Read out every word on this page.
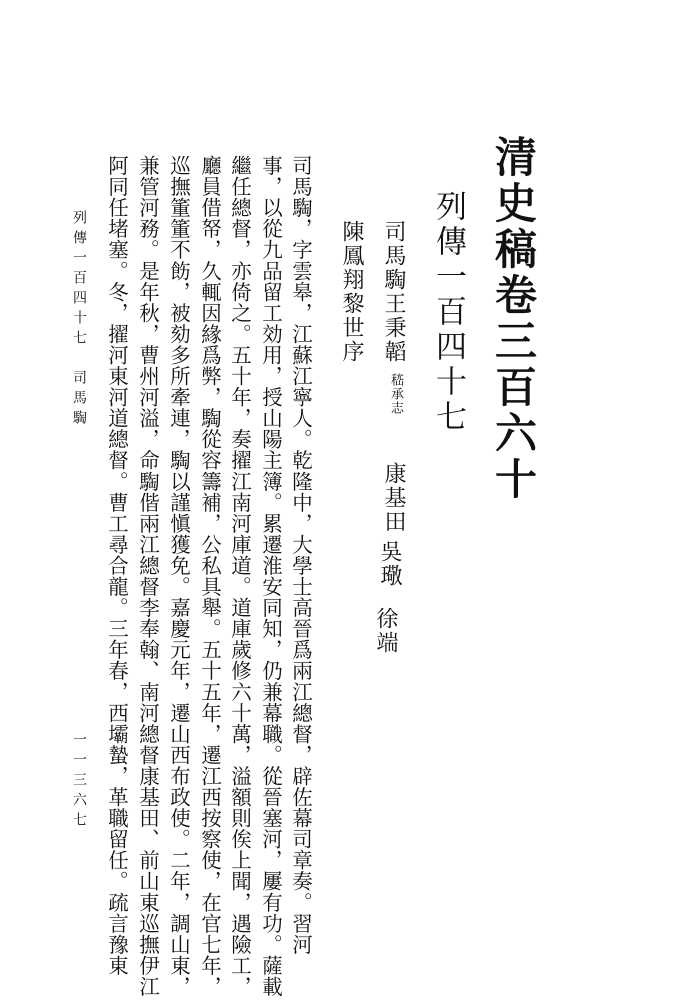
清史稿卷三百六十
列傳一百四十七
司馬騊
王秉韜
嵇承志
康基田
吳璥
徐端
陳鳳翔
黎世序
司馬騊，字雲皋，江蘇江寧人。乾隆中，大學士高晉爲兩江總督，辟佐幕司章奏。習河
事，以從九品留工効用，授山陽主簿。累遷淮安同知，仍兼幕職。從晉塞河，屢有功。薩載
繼任總督，亦倚之。五十年，奏擢江南河庫道。道庫歲修六十萬，溢額則俟上聞，遇險工，
廳員借帑，久輒因緣爲弊，騊從容籌補，公私具舉。五十五年，遷江西按察使，在官七年，
巡撫箽箽不飭，被劾多所牽連，騊以謹愼獲免。嘉慶元年，遷山西布政使。二年，調山東，
兼管河務。是年秋，曹州河溢，命騊偕兩江總督李奉翰、南河總督康基田、前山東巡撫伊江
阿同任堵塞。冬，擢河東河道總督。曹工尋合龍。三年春，西壩蟄，革職留任。疏言豫東
列傳一百四十七　司馬騊
一一三六七
